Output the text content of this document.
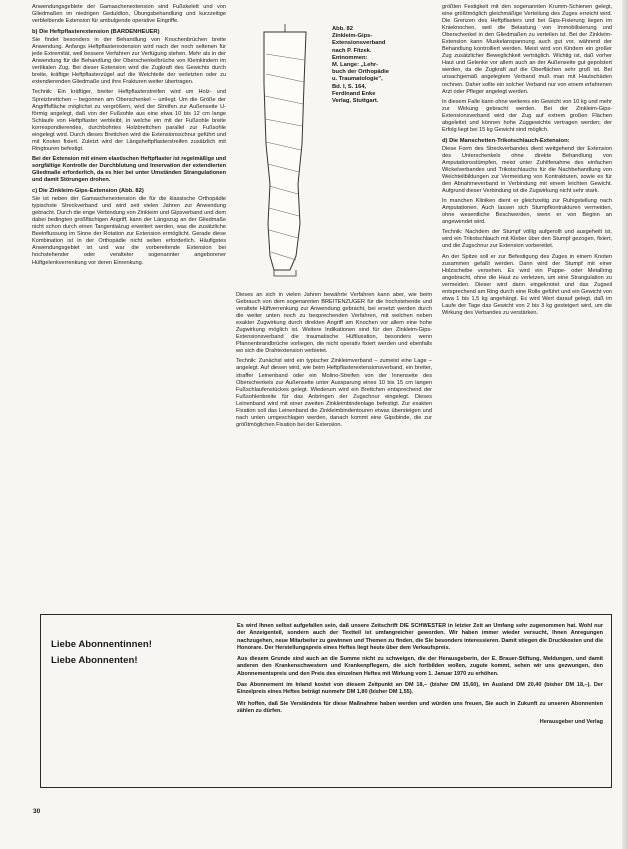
Anwendungsgebiete der Gamaschenextension sind Fußskelett und von Gliedmaßen im niedrigen Geduldton, Übungsbehandlung und kurzzeitige verbleibende Extension für ambulgende operative Eingriffe.

b) Die Heftpflasterextension (BARDENHEUER)

Sie findet besonders in der Behandlung von Knochenbrüchen breite Anwendung. Anfangs Heftpflasterextension wird nach der noch seltenen für jede Extremität, weil bessere Verfahren zur Verfügung stehen. Mehr als in der Anwendung für die Behandlung der Oberschenkelbrüche von Kleinkindern im vertikalen Zug. Bei dieser Extension wird die Zugkraft des Gewichts durch breite, kräftige Heftpflasterzügel auf die Weichteile der verletzten oder zu extendierenden Gliedmaße und ihre Frakturen weiter übertragen.

Technik: Ein kräftiger, breiter Heftpflasterstreifen wird um Holz- und Spreizbrettchen – begonnen am Oberschenkel – umlegt. Um die Größe der Angriffsfläche möglichst zu vergrößern, wird der Streifen zur Außenseite U-förmig angelegt, daß von der Fußsohle aus eine etwa 10 bis 12 cm lange Schlaufe von Heftpflaster verbleibt, in welche ein mit der Fußsohle breite korrespondierendes, durchbohrtes Holzbrettchen parallel zur Fußsohle eingelegt wird. Durch dieses Brettchen wird die Extensionsschnur geführt und mit Knoten fixiert. Zuletzt wird der Längsheftpflasterstreifen zusätzlich mit Ringtouren befestigt.

Bei der Extension mit einem elastischen Heftpflaster ist regelmäßige und sorgfältige Kontrolle der Durchblutung und Innervation der extendierten Gliedmaße erforderlich, da es hier bei unter Umständen Strangulationen und damit Störungen drohen.

c) Die Zinkleim-Gips-Extension (Abb. 82)

Sie ist neben der Gamaschenextension die für die klassische Orthopädie typischste Streckverband und wird seit vielen Jahren zur Anwendung gebracht. Durch die enge Verbindung von Zinkleim und Gipsverband und dem dabei bedingten großflächigen Angriff, kann der Längszug an der Gliedmaße nicht schon durch einen Tangentialzug erweitert werden, was die zusätzliche Beeinflussung im Sinne der Rotation zur Extension ermöglicht. Gerade diese Kombination ist in der Orthopädie nicht selten erforderlich. Häufigstes Anwendungsgebiet ist und war die vorbereitende Extension bei hochstehender oder veralteter sogenannter angeborener Hüftgelenkverrenkung vor deren Einrenkung.

Abb. 82
Zinkleim-Gips-
Extensionsverband
nach P. Fitzek.
Entnommen:
M. Lange: „Lehr-
buch der Orthopädie
u. Traumatologie",
Bd. I, S. 164,
Ferdinand Enke
Verlag, Stuttgart.

Dieses an sich in vielen Jahren bewährte Verfahren kann aber, wie beim Gebrauch von dem sogenannten BREITENZUGER für die hochstehende und veraltete Hüftverrenkung zur Anwendung gebracht, bei ersetzt werden durch die weiter unten noch zu besprechenden Verfahren, mit welchen neben exakter Zugwirkung durch direkten Angriff am Knochen vor allem eine hohe Zugwirkung möglich ist. Weitere Indikationen sind für den Zinkleim-Gips-Extensionsverband die traumatische Hüftluxation, besonders wenn Pfannenbrandbrüche vorliegen, die nicht operativ fixiert werden und ebenfalls wo sich die Drahtextension verbietet.

Technik: Zunächst wird ein typischer Zinkleimverband – zumeist eine Lage – angelegt. Auf diesen wird, wie beim Heftpflasterextensionsverband, ein breiter, straffer Leinenband oder ein Molino-Streifen von der Innenseite des Oberschenkels zur Außenseite unter Aussparung eines 10 bis 15 cm langen Fußschlaufenstückes gelegt. Wiederum wird ein Brettchen entsprechend der Fußsohlenbreite für das Anbringen der Zugschnur eingelegt. Dieses Leinenband wird mit einer zweiten Zinkleimbindenlage befestigt. Zur exakten Fixation soll das Leinenband die Zinkleimbindentouren etwas übersteigen und nach unten umgeschlagen werden, danach kommt eine Gipsbinde, die zur größtmöglichen Fixation bei der Extension.

größten Festigkeit mit den sogenannten Krumm-Schienen gelegt, eine größtmöglich gleichmäßige Verteilung des Zuges erreicht wird. Die Grenzen des Heftpflasters und bei Gips-Fixierung liegen im Knieknochen, weil die Belastung von Immobilisierung und Oberschenkel in den Gliedmaßen zu verteilen ist. Bei der Zinkleim-Extension kann Muskelanspannung auch gut vor, während der Behandlung kontrolliert werden. Meist wird von Kindern ein großer Zug zusätzlicher Beweglichkeit verträglich. Wichtig ist, daß vorher Haut und Gelenke vor allem auch an der Außenseite gut gepolstert werden, da die Zugkraft auf die Oberflächen sehr groß ist. Bei unsachgemäß angelegtem Verband muß man mit Hautschäden rechnen. Daher sollte ein solcher Verband nur von einem erfahrenen Arzt oder Pfleger angelegt werden.

In diesem Falle kann ohne weiteres ein Gewicht von 10 kg und mehr zur Wirkung gebracht werden. Bei der Zinkleim-Gips-Extensionsverband wird der Zug auf extrem großen Flächen abgeleitet und können hohe Zuggewichte vertragen werden; der Erfolg liegt bei 15 kg Gewicht sind möglich.

d) Die Manschetten-Trikotschlauch-Extension:

Diese Form des Streckverbandes dient weitgehend der Extension des Unterschenkels ohne direkte Behandlung von Amputationsstümpfen, meist unter Zuhilfenahme des einfachen Wickelverbandes und Trikotschlauchs für die Nachbehandlung von Weichteilbildungen zur Vermeidung von Kontrakturen, sowie es für den Abnahmeverband in Verbindung mit einem leichten Gewicht. Aufgrund dieser Verbindung ist die Zugwirkung nicht sehr stark.

In manchen Kliniken dient er gleichzeitig zur Ruhigstellung nach Amputationen. Auch lassen sich Stumpfkontrakturen vermeiden, ohne wesentliche Beschwerden, wenn er von Beginn an angewendet wird.

Technik: Nachdem der Stumpf völlig aufgerollt und ausgeheilt ist, wird ein Trikotschlauch mit Kleber über den Stumpf gezogen, fixiert, und die Zugschnur zur Extension vorbereitet.

An der Spitze soll er zur Befestigung des Zuges in einem Knoten zusammen gefaßt werden. Dann wird der Stumpf mit einer Holzscheibe versehen. Es wird ein Pappe- oder Metallring angebracht, ohne die Haut zu verletzen, um eine Strangulation zu vermeiden. Dieser wird dann eingeknotet und das Zugseil entsprechend am Ring durch eine Rolle geführt und ein Gewicht von etwa 1 bis 1,5 kg angehängt. Es wird Wert darauf gelegt, daß im Laufe der Tage das Gewicht von 2 bis 3 kg gesteigert wird, um die Wirkung des Verbandes zu verstärken.

Liebe Abonnentinnen!
Liebe Abonnenten!

Es wird Ihnen selbst aufgefallen sein, daß unsere Zeitschrift DIE SCHWESTER in letzter Zeit an Umfang sehr zugenommen hat. Wohl nur der Anzeigenteil, sondern auch der Textteil ist umfangreicher geworden. Wir haben immer wieder versucht, Ihnen Anregungen nachzugehen, neue Mitarbeiter zu gewinnen und Themen zu finden, die Sie besonders interessieren. Damit stiegen die Druckkosten und die Honorare. Der Herstellungspreis eines Heftes liegt heute über dem Verkaufspreis.

Aus diesem Grunde sind auch an die Summe nicht zu schweigen, die der Herausgeberin, der E. Brauer-Stiftung, Meldungen, und damit anderen den Krankenschwestern und Krankenpflegern, die sich fortbilden wollen, zugute kommt, sehen wir uns gezwungen, den Abonnementspreis und den Preis des einzelnen Heftes mit Wirkung vom 1. Januar 1970 zu erhöhen.

Das Abonnement im Inland kostet von diesem Zeitpunkt an DM 18,– (bisher DM 15,60), im Ausland DM 20,40 (bisher DM 18,–). Der Einzelpreis eines Heftes beträgt nunmehr DM 1,80 (bisher DM 1,55).

Wir hoffen, daß Sie Verständnis für diese Maßnahme haben werden und würden uns freuen, Sie auch in Zukunft zu unseren Abonnenten zählen zu dürfen.

Herausgeber und Verlag
30
